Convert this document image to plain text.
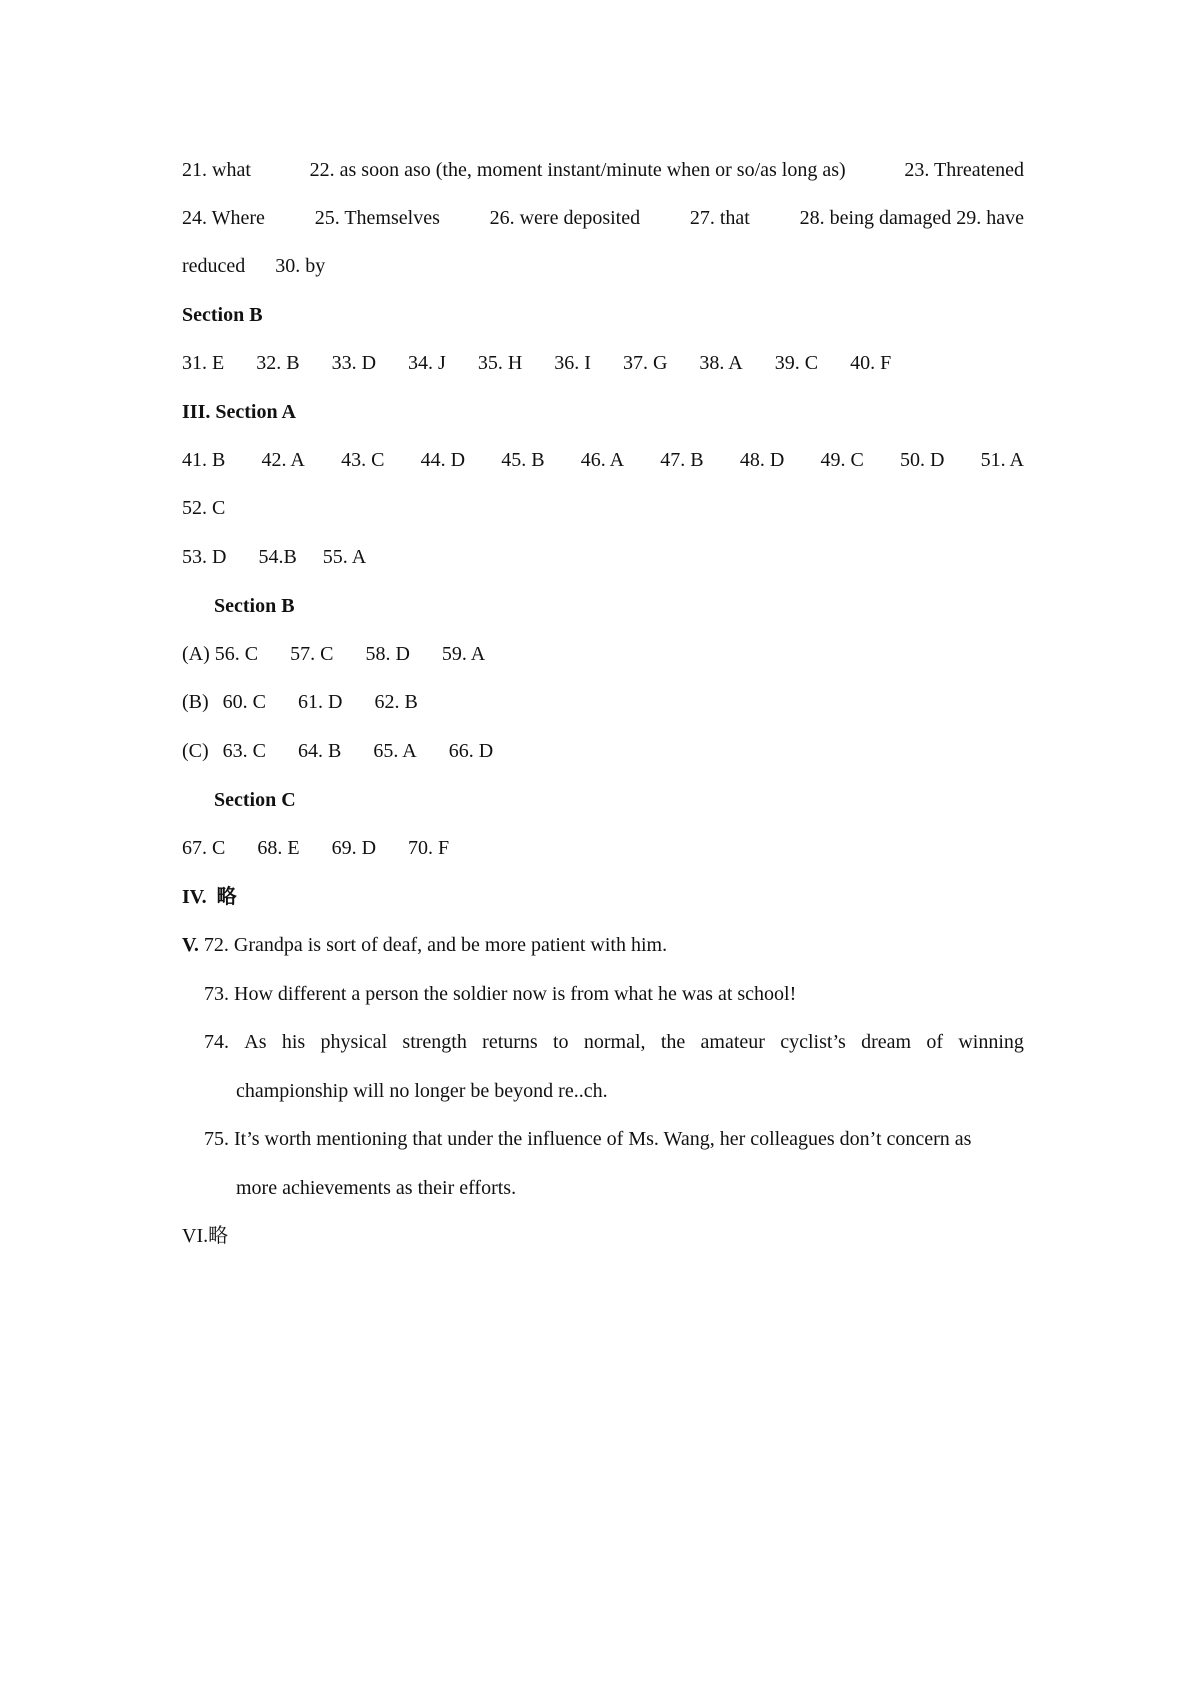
21. what	22. as soon aso (the, moment instant/minute when or so/as long as)	23. Threatened
24. Where 25. Themselves 26. were deposited 27. that 28. being damaged 29. have
reduced 30. by
Section B
31. E 32. B 33. D 34. J 35. H 36. I 37. G 38. A 39. C 40. F
III. Section A
41. B 42. A 43. C 44. D 45. B 46. A 47. B 48. D 49. C 50. D 51. A
52. C
53. D 54.B 55. A
Section B
(A) 56. C 57. C 58. D 59. A
(B) 60. C 61. D 62. B
(C) 63. C 64. B 65. A 66. D
Section C
67. C 68. E 69. D 70. F
IV. 略
V. 72. Grandpa is sort of deaf, and be more patient with him.
73. How different a person the soldier now is from what he was at school!
74. As his physical strength returns to normal, the amateur cyclist’s dream of winning
championship will no longer be beyond re..ch.
75. It’s worth mentioning that under the influence of Ms. Wang, her colleagues don’t concern as
more achievements as their efforts.
VI.略
